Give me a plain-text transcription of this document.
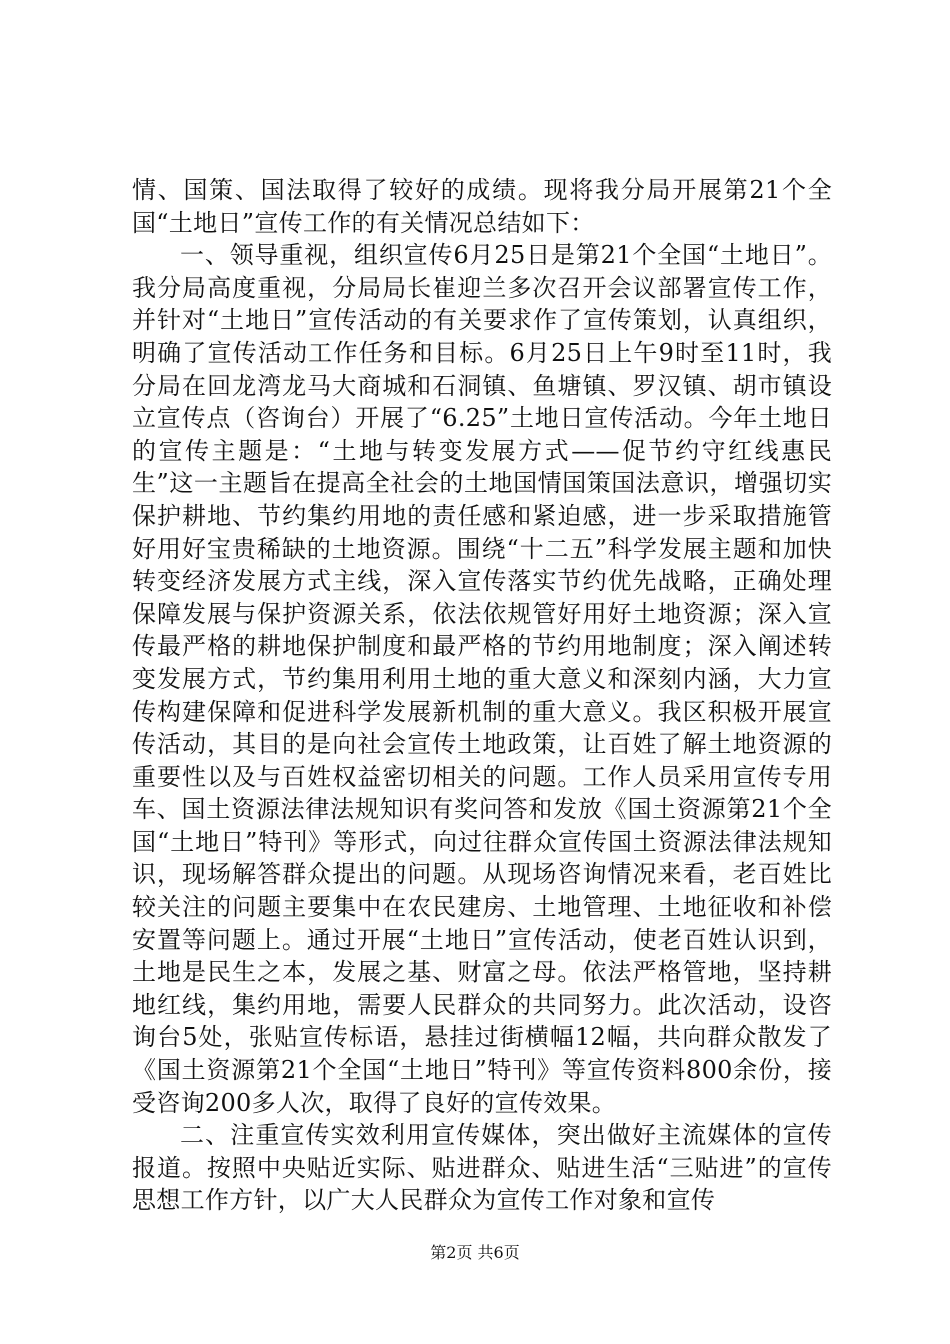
情、国策、国法取得了较好的成绩。现将我分局开展第21个全国“土地日”宣传工作的有关情况总结如下：

一、领导重视，组织宣传6月25日是第21个全国“土地日”。我分局高度重视，分局局长崔迎兰多次召开会议部署宣传工作，并针对“土地日”宣传活动的有关要求作了宣传策划，认真组织，明确了宣传活动工作任务和目标。6月25日上午9时至11时，我分局在回龙湾龙马大商城和石洞镇、鱼塘镇、罗汉镇、胡市镇设立宣传点（咨询台）开展了“6.25”土地日宣传活动。今年土地日的宣传主题是：“土地与转变发展方式——促节约守红线惠民生”这一主题旨在提高全社会的土地国情国策国法意识，增强切实保护耕地、节约集约用地的责任感和紧迫感，进一步采取措施管好用好宝贵稀缺的土地资源。围绕“十二五”科学发展主题和加快转变经济发展方式主线，深入宣传落实节约优先战略，正确处理保障发展与保护资源关系，依法依规管好用好土地资源；深入宣传最严格的耕地保护制度和最严格的节约用地制度；深入阐述转变发展方式，节约集用利用土地的重大意义和深刻内涵，大力宣传构建保障和促进科学发展新机制的重大意义。我区积极开展宣传活动，其目的是向社会宣传土地政策，让百姓了解土地资源的重要性以及与百姓权益密切相关的问题。工作人员采用宣传专用车、国土资源法律法规知识有奖问答和发放《国土资源第21个全国“土地日”特刊》等形式，向过往群众宣传国土资源法律法规知识，现场解答群众提出的问题。从现场咨询情况来看，老百姓比较关注的问题主要集中在农民建房、土地管理、土地征收和补偿安置等问题上。通过开展“土地日”宣传活动，使老百姓认识到，土地是民生之本，发展之基、财富之母。依法严格管地，坚持耕地红线，集约用地，需要人民群众的共同努力。此次活动，设咨询台5处，张贴宣传标语，悬挂过街横幅12幅，共向群众散发了《国土资源第21个全国“土地日”特刊》等宣传资料800余份，接受咨询200多人次，取得了良好的宣传效果。

二、注重宣传实效利用宣传媒体，突出做好主流媒体的宣传报道。按照中央贴近实际、贴进群众、贴进生活“三贴进”的宣传思想工作方针，以广大人民群众为宣传工作对象和宣传

第2页 共6页
